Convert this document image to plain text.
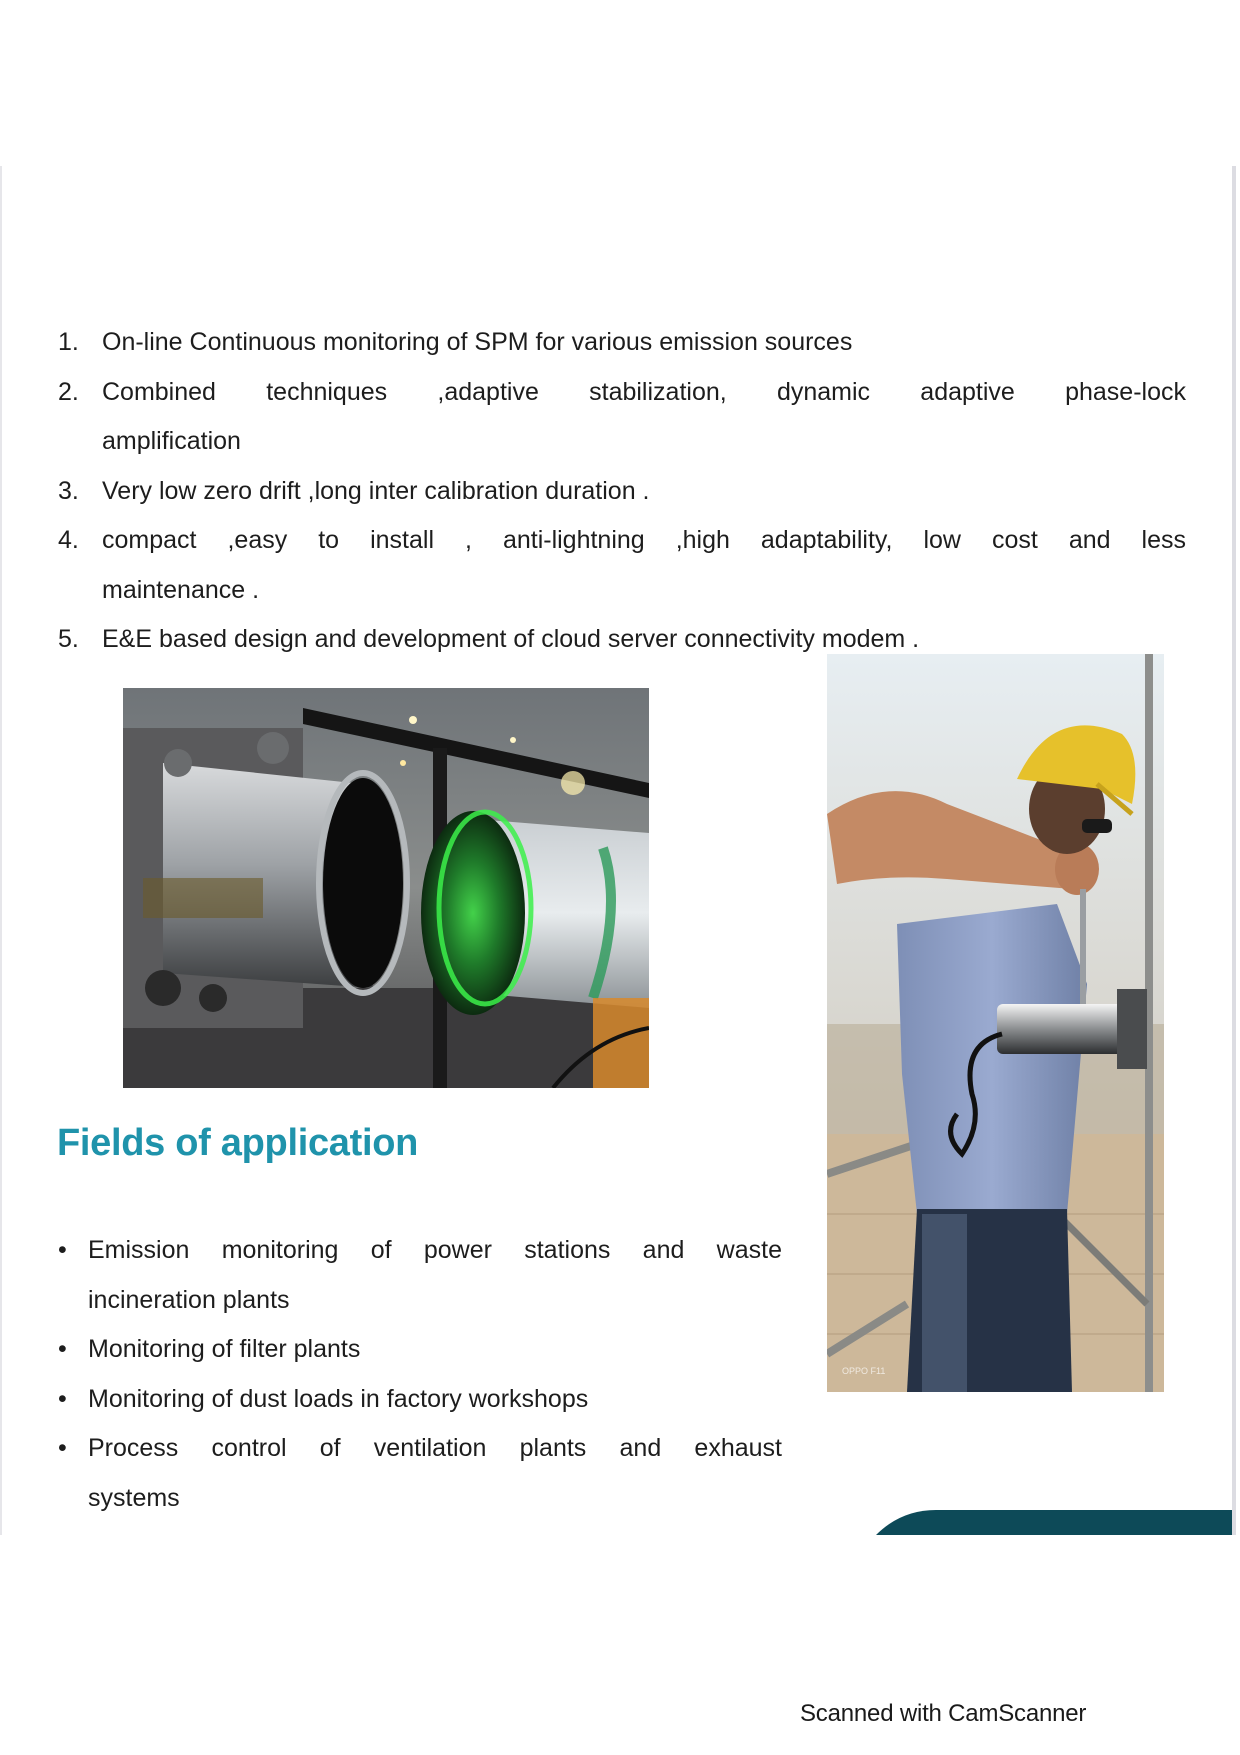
1. On-line Continuous monitoring of SPM for various emission sources
2. Combined techniques ,adaptive stabilization, dynamic adaptive phase-lock
amplification
3. Very low zero drift ,long inter calibration duration .
4. compact ,easy to install , anti-lightning ,high adaptability, low cost and less
maintenance .
5. E&E based design and development of cloud server connectivity modem .
OPPO F11
Fields of application
• Emission monitoring of power stations and waste
incineration plants
• Monitoring of filter plants
• Monitoring of dust loads in factory workshops
• Process control of ventilation plants and exhaust
systems
Scanned with CamScanner
